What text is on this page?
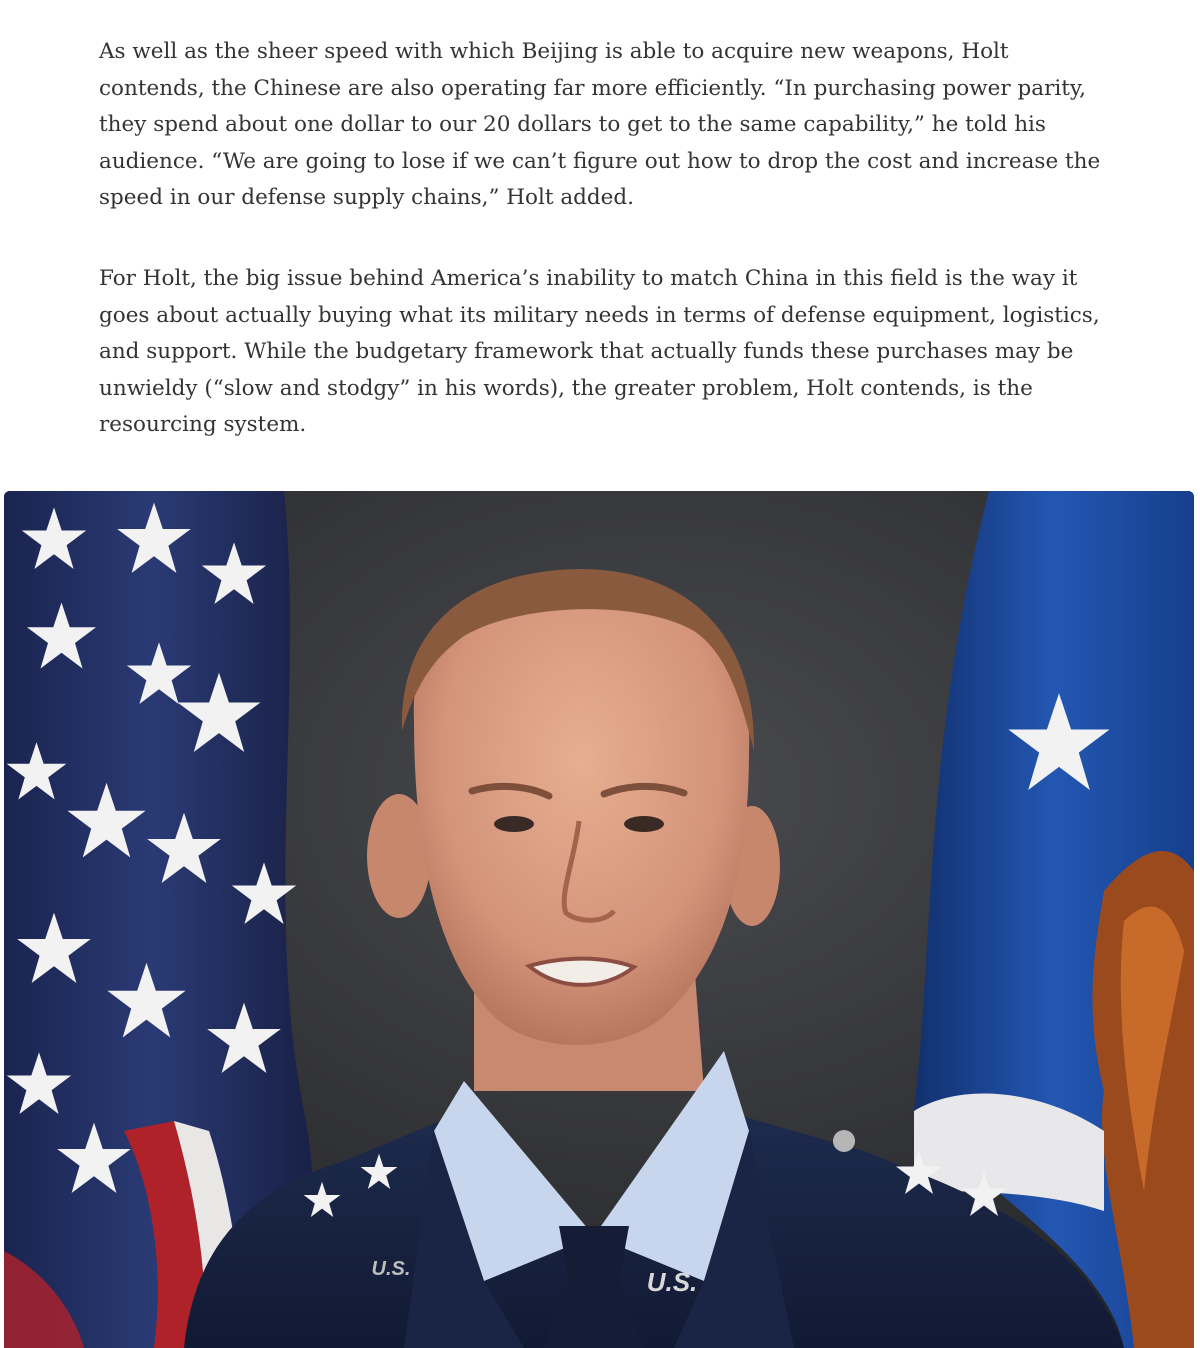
As well as the sheer speed with which Beijing is able to acquire new weapons, Holt contends, the Chinese are also operating far more efficiently. “In purchasing power parity, they spend about one dollar to our 20 dollars to get to the same capability,” he told his audience. “We are going to lose if we can’t figure out how to drop the cost and increase the speed in our defense supply chains,” Holt added.

For Holt, the big issue behind America’s inability to match China in this field is the way it goes about actually buying what its military needs in terms of defense equipment, logistics, and support. While the budgetary framework that actually funds these purchases may be unwieldy (“slow and stodgy” in his words), the greater problem, Holt contends, is the resourcing system.

U.S.
U.S.
